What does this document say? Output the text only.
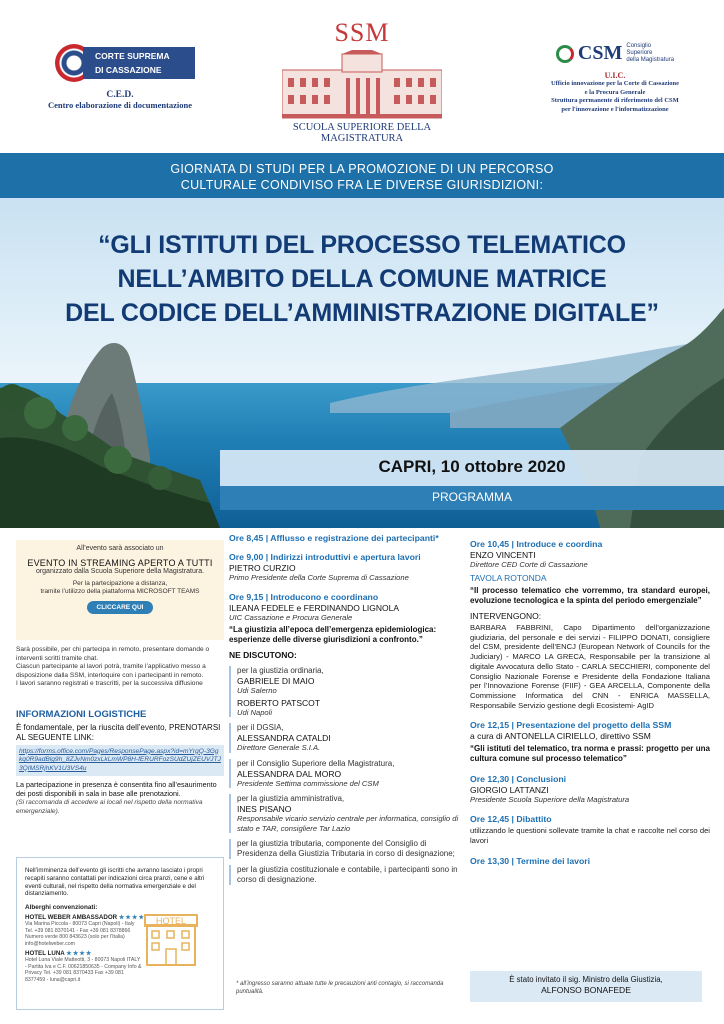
CORTE SUPREMA
DI CASSAZIONE
C.E.D.
Centro elaborazione di documentazione
SSM
SCUOLA SUPERIORE DELLA MAGISTRATURA
CSM Consiglio
Superiore
della Magistratura
U.I.C.
Ufficio innovazione per la Corte di Cassazione
e la Procura Generale
Struttura permanente di riferimento del CSM
per l'innovazione e l'informatizzazione
GIORNATA DI STUDI PER LA PROMOZIONE DI UN PERCORSO
CULTURALE CONDIVISO FRA LE DIVERSE GIURISDIZIONI:
“GLI ISTITUTI DEL PROCESSO TELEMATICO
NELL’AMBITO DELLA COMUNE MATRICE
DEL CODICE DELL’AMMINISTRAZIONE DIGITALE”
CAPRI, 10 ottobre 2020
PROGRAMMA
All’evento sarà associato un
EVENTO IN STREAMING APERTO A TUTTI
organizzato dalla Scuola Superiore della Magistratura.
Per la partecipazione a distanza,
tramite l’utilizzo della piattaforma MICROSOFT TEAMS
CLICCARE QUI
Sarà possibile, per chi partecipa in remoto, presentare domande o interventi scritti tramite chat.
Ciascun partecipante al lavori potrà, tramite l’applicativo messo a disposizione dalla SSM, interloquire con i partecipanti in remoto.
I lavori saranno registrati e trascritti, per la successiva diffusione
INFORMAZIONI LOGISTICHE
È fondamentale, per la riuscita dell’evento, PRENOTARSI AL SEGUENTE LINK:
https://forms.office.com/Pages/ResponsePage.aspx?id=mYrgQ-3Ggkq0R9adBlg9h_8ZJvNm0zxLkLmWP8H-fERURFozSUdZUjZEUVJTJ3QIMSRjhKV1U3VS4u
La partecipazione in presenza è consentita fino all’esaurimento dei posti disponibili in sala in base alle prenotazioni.
(Si raccomanda di accedere ai locali nel rispetto della normativa emergenziale).
Nell’imminenza dell’evento gli iscritti che avranno lasciato i propri recapiti saranno contattati per indicazioni circa pranzi, cene e altri eventi culturali, nel rispetto della normativa emergenziale e del distanziamento.
Alberghi convenzionati:
HOTEL WEBER AMBASSADOR ★★★★
Via Marina Piccola - 80073 Capri (Napoli) - Italy Tel. +39 081 8370141 - Fax +39 081 8378866 Numero verde 800 843623 (solo per l’Italia) info@hotelweber.com
HOTEL LUNA ★★★★
Hotel Luna Viale Matteotti, 3 - 80073 Napoli ITALY - Partita Iva e C.F. 00621850635 - Company Info & Privacy Tel. +39 081 8370433 Fax +39 081 8377459 - luna@capri.it
HOTEL
Ore 8,45 | Afflusso e registrazione dei partecipanti*
Ore 9,00 | Indirizzi introduttivi e apertura lavori
PIETRO CURZIO
Primo Presidente della Corte Suprema di Cassazione
Ore 9,15 | Introducono e coordinano
ILEANA FEDELE e FERDINANDO LIGNOLA
UIC Cassazione e Procura Generale
“La giustizia all’epoca dell’emergenza epidemiologica: esperienze delle diverse giurisdizioni a confronto.”
NE DISCUTONO:
per la giustizia ordinaria,
GABRIELE DI MAIO
Udi Salerno
ROBERTO PATSCOT
Udi Napoli
per il DGSIA,
ALESSANDRA CATALDI
Direttore Generale S.I.A.
per il Consiglio Superiore della Magistratura,
ALESSANDRA DAL MORO
Presidente Settima commissione del CSM
per la giustizia amministrativa,
INES PISANO
Responsabile vicario servizio centrale per informatica, consiglio di stato e TAR, consigliere Tar Lazio
per la giustizia tributaria, componente del Consiglio di Presidenza della Giustizia Tributaria in corso di designazione;
per la giustizia costituzionale e contabile, i partecipanti sono in corso di designazione.
* all’ingresso saranno attuate tutte le precauzioni anti contagio, si raccomanda puntualità.
Ore 10,45 | Introduce e coordina
ENZO VINCENTI
Direttore CED Corte di Cassazione
TAVOLA ROTONDA
“Il processo telematico che vorremmo, tra standard europei, evoluzione tecnologica e la spinta del periodo emergenziale”
INTERVENGONO:
BARBARA FABBRINI, Capo Dipartimento dell’organizzazione giudiziaria, del personale e dei servizi - FILIPPO DONATI, consigliere del CSM, presidente dell’ENCJ (European Network of Councils for the Judiciary) - MARCO LA GRECA, Responsabile per la transizione al digitale Avvocatura dello Stato - CARLA SECCHIERI, componente del Consiglio Nazionale Forense e Presidente della Fondazione Italiana per l’Innovazione Forense (FIIF) - GEA ARCELLA, Componente della Commissione Informatica del CNN - ENRICA MASSELLA, Responsabile Servizio gestione degli Ecosistemi- AgID
Ore 12,15 | Presentazione del progetto della SSM
a cura di ANTONELLA CIRIELLO, direttivo SSM
“Gli istituti del telematico, tra norma e prassi: progetto per una cultura comune sul processo telematico”
Ore 12,30 | Conclusioni
GIORGIO LATTANZI
Presidente Scuola Superiore della Magistratura
Ore 12,45 | Dibattito
utilizzando le questioni sollevate tramite la chat e raccolte nel corso dei lavori
Ore 13,30 | Termine dei lavori
È stato invitato il sig. Ministro della Giustizia,
ALFONSO BONAFEDE
